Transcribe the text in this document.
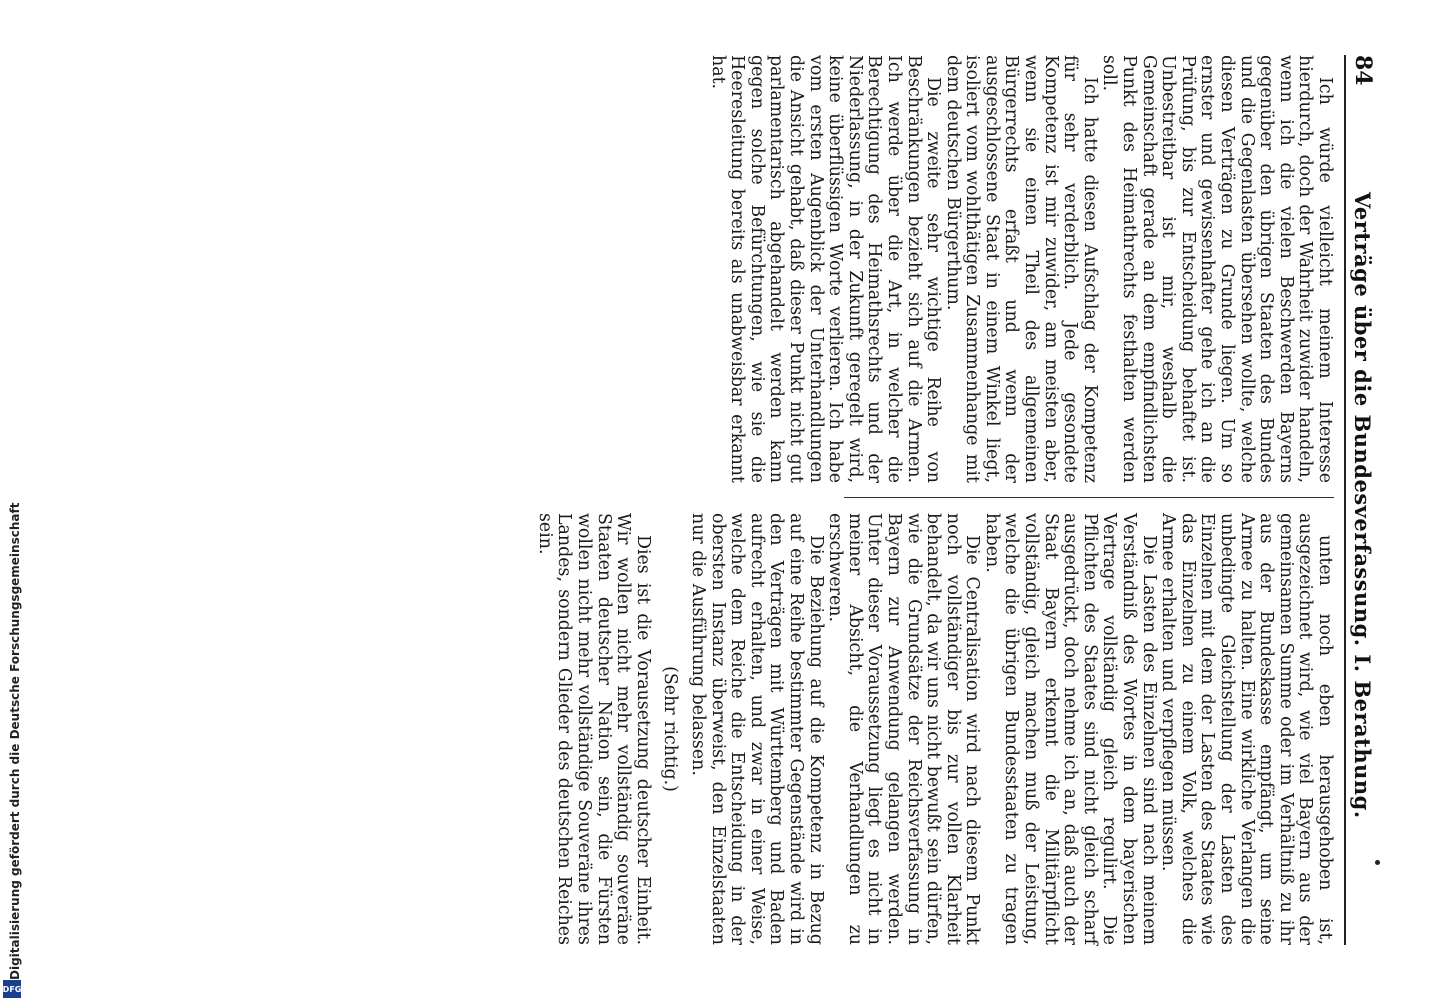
84
Verträge über die Bundesverfassung. I. Berathung.

Ich würde vielleicht meinem Interesse hierdurch, doch der Wahrheit zuwider handeln, wenn ich die vielen Beschwerden Bayerns gegenüber den übrigen Staaten des Bundes und die Gegenlasten übersehen wollte, welche diesen Verträgen zu Grunde liegen. Um so ernster und gewissenhafter gehe ich an die Prüfung, bis zur Entscheidung behaftet ist. Unbestreitbar ist mir, weshalb die Gemeinschaft gerade an dem empfindlichsten Punkt des Heimathrechts festhalten werden soll.

Ich hatte diesen Aufschlag der Kompetenz für sehr verderblich. Jede gesondete Kompetenz ist mir zuwider, am meisten aber, wenn sie einen Theil des allgemeinen Bürgerrechts erfaßt und wenn der ausgeschlossene Staat in einem Winkel liegt, isoliert vom wohlthätigen Zusammenhange mit dem deutschen Bürgerthum.

Die zweite sehr wichtige Reihe von Beschränkungen bezieht sich auf die Armen. Ich werde über die Art, in welcher die Berechtigung des Heimathsrechts und der Niederlassung, in der Zukunft geregelt wird, keine überflüssigen Worte verlieren. Ich habe vom ersten Augenblick der Unterhandlungen die Ansicht gehabt, daß dieser Punkt nicht gut parlamentarisch abgehandelt werden kann gegen solche Befürchtungen, wie sie die Heeresleitung bereits als unabweisbar erkannt hat.

unten noch eben herausgehoben ist, ausgezeichnet wird, wie viel Bayern aus der gemeinsamen Summe oder im Verhältniß zu ihr aus der Bundeskasse empfängt, um seine Armee zu halten. Eine wirkliche Verlangen die unbedingte Gleichstellung der Lasten des Einzelnen mit dem der Lasten des Staates wie das Einzelnen zu einem Volk, welches die Armee erhalten und verpflegen müssen.

Die Lasten des Einzelnen sind nach meinem Verständniß des Wortes in dem bayerischen Vertrage vollständig gleich regulirt. Die Pflichten des Staates sind nicht gleich scharf ausgedrückt, doch nehme ich an, daß auch der Staat Bayern erkennt die Militärpflicht vollständig, gleich machen muß der Leistung, welche die übrigen Bundesstaaten zu tragen haben.

Die Centralisation wird nach diesem Punkt noch vollständiger bis zur vollen Klarheit behandelt, da wir uns nicht bewußt sein dürfen, wie die Grundsätze der Reichsverfassung in Bayern zur Anwendung gelangen werden. Unter dieser Voraussetzung liegt es nicht in meiner Absicht, die Verhandlungen zu erschweren.

Die Beziehung auf die Kompetenz in Bezug auf eine Reihe bestimmter Gegenstände wird in den Verträgen mit Württemberg und Baden aufrecht erhalten, und zwar in einer Weise, welche dem Reiche die Entscheidung in der obersten Instanz überweist, den Einzelstaaten nur die Ausführung belassen.

(Sehr richtig.)

Dies ist die Vorausetzung deutscher Einheit. Wir wollen nicht mehr vollständig souveräne Staaten deutscher Nation sein, die Fürsten wollen nicht mehr vollständige Souveräne ihres Landes, sondern Glieder des deutschen Reiches sein.

Digitalisierung gefördert durch die Deutsche Forschungsgemeinschaft
DFG
